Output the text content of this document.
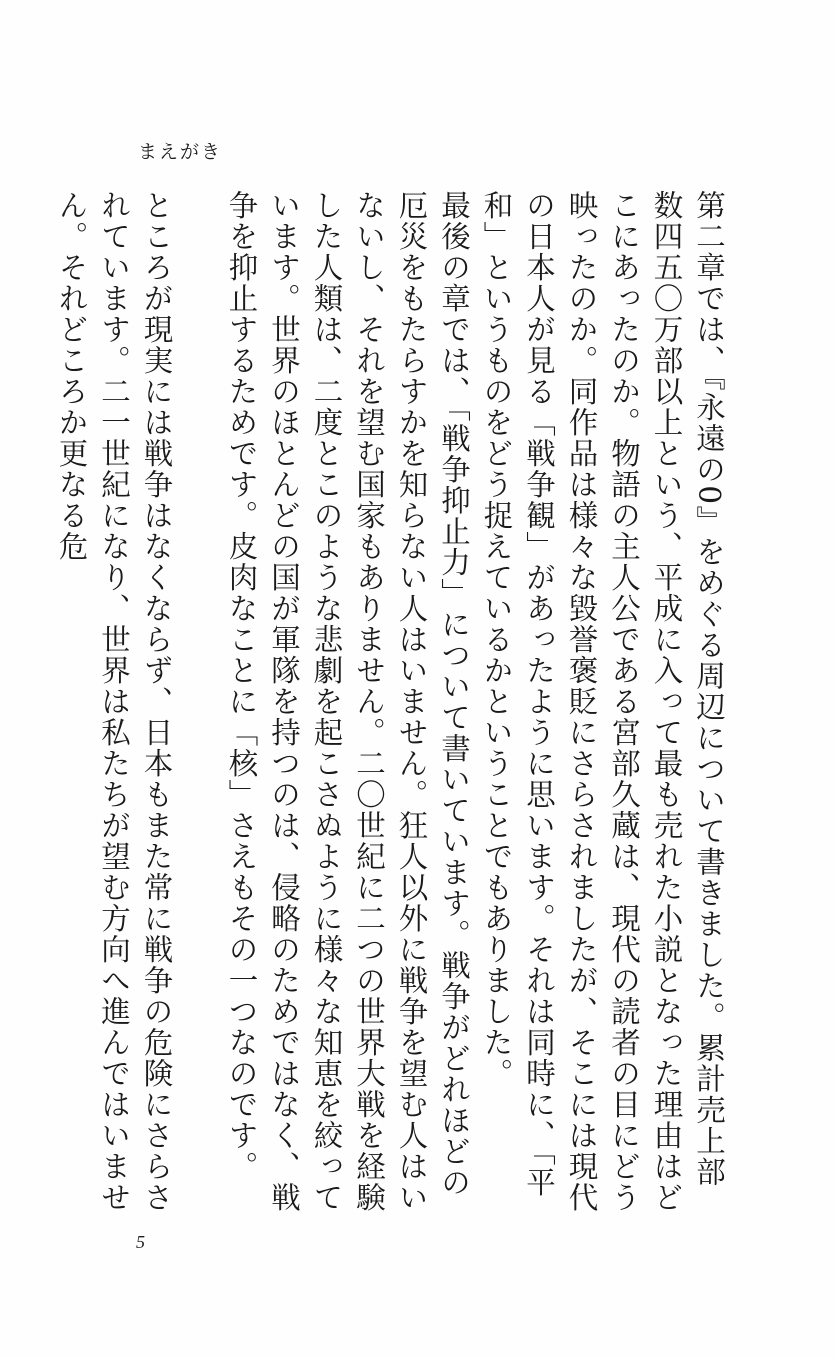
まえがき

第二章では、『永遠の0』をめぐる周辺について書きました。累計売上部数四五〇万部以上という、平成に入って最も売れた小説となった理由はどこにあったのか。物語の主人公である宮部久蔵は、現代の読者の目にどう映ったのか。同作品は様々な毀誉褒貶にさらされましたが、そこには現代の日本人が見る「戦争観」があったように思います。それは同時に、「平和」というものをどう捉えているかということでもありました。

最後の章では、「戦争抑止力」について書いています。戦争がどれほどの厄災をもたらすかを知らない人はいません。狂人以外に戦争を望む人はいないし、それを望む国家もありません。二〇世紀に二つの世界大戦を経験した人類は、二度とこのような悲劇を起こさぬように様々な知恵を絞っています。世界のほとんどの国が軍隊を持つのは、侵略のためではなく、戦争を抑止するためです。皮肉なことに「核」さえもその一つなのです。

ところが現実には戦争はなくならず、日本もまた常に戦争の危険にさらされています。二一世紀になり、世界は私たちが望む方向へ進んではいません。それどころか更なる危

5
